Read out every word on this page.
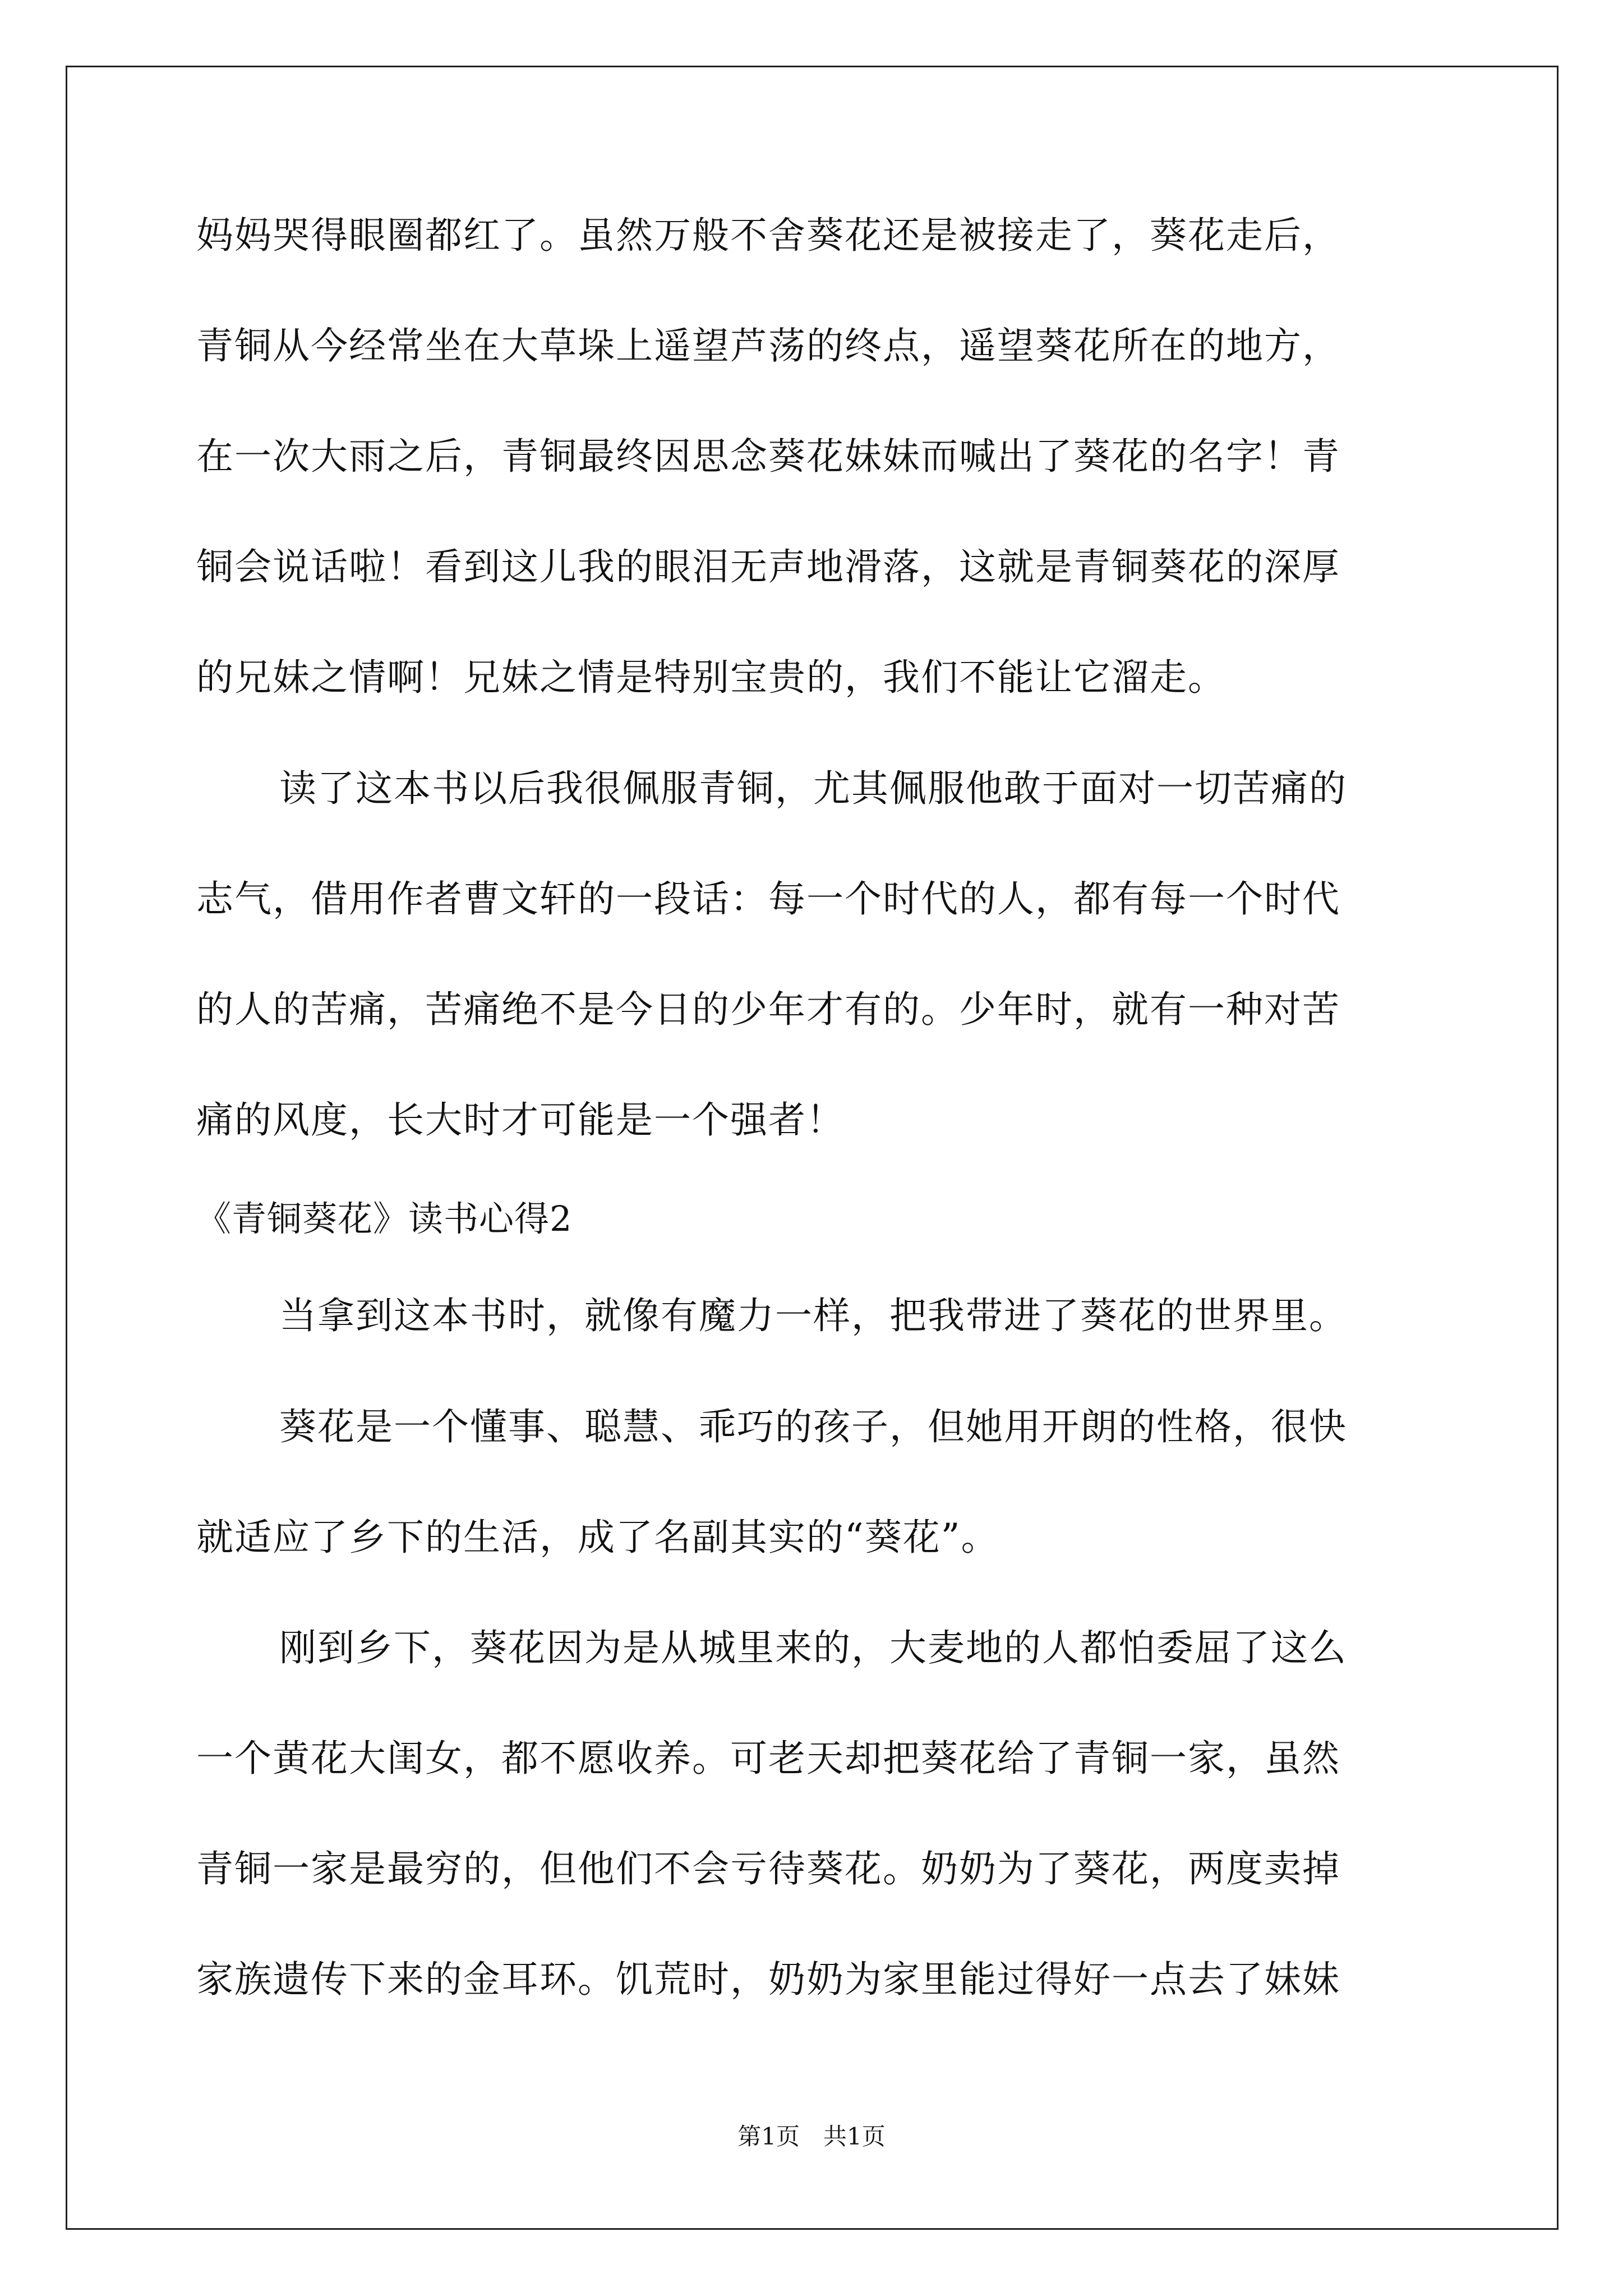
妈妈哭得眼圈都红了。虽然万般不舍葵花还是被接走了，葵花走后，
青铜从今经常坐在大草垛上遥望芦荡的终点，遥望葵花所在的地方，
在一次大雨之后，青铜最终因思念葵花妹妹而喊出了葵花的名字！青
铜会说话啦！看到这儿我的眼泪无声地滑落，这就是青铜葵花的深厚
的兄妹之情啊！兄妹之情是特别宝贵的，我们不能让它溜走。
读了这本书以后我很佩服青铜，尤其佩服他敢于面对一切苦痛的
志气，借用作者曹文轩的一段话：每一个时代的人，都有每一个时代
的人的苦痛，苦痛绝不是今日的少年才有的。少年时，就有一种对苦
痛的风度，长大时才可能是一个强者！
《青铜葵花》读书心得2
当拿到这本书时，就像有魔力一样，把我带进了葵花的世界里。
葵花是一个懂事、聪慧、乖巧的孩子，但她用开朗的性格，很快
就适应了乡下的生活，成了名副其实的“葵花”。
刚到乡下，葵花因为是从城里来的，大麦地的人都怕委屈了这么
一个黄花大闺女，都不愿收养。可老天却把葵花给了青铜一家，虽然
青铜一家是最穷的，但他们不会亏待葵花。奶奶为了葵花，两度卖掉
家族遗传下来的金耳环。饥荒时，奶奶为家里能过得好一点去了妹妹
第1页　共1页
